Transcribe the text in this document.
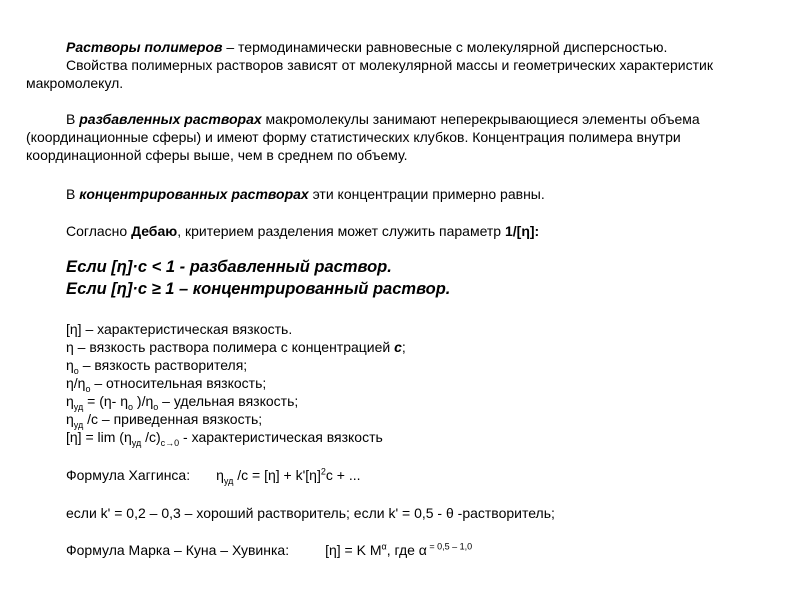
Растворы полимеров – термодинамически равновесные с молекулярной дисперсностью.

Свойства полимерных растворов зависят от молекулярной массы и геометрических характеристик макромолекул.

В разбавленных растворах макромолекулы занимают неперекрывающиеся элементы объема (координационные сферы) и имеют форму статистических клубков. Концентрация полимера внутри координационной сферы выше, чем в среднем по объему.

В концентрированных растворах эти концентрации примерно равны.

Согласно Дебаю, критерием разделения может служить параметр 1/[η]:

Если [η]·c < 1 - разбавленный раствор.

Если [η]·c ≥ 1 – концентрированный раствор.

[η] – характеристическая вязкость.

η – вязкость раствора полимера с концентрацией c;

$\eta_o$ – вязкость растворителя;

$\eta/\eta_o$ – относительная вязкость;

$\eta_{уд} = (\eta-$ $\eta_o$ )$/\eta_o$ – удельная вязкость;

$\eta_{уд}$ /c – приведенная вязкость;

$[\eta] = \lim (\eta_{уд}$ $/c)_{c\to 0}$ - характеристическая вязкость

Формула Хаггинса: $\eta_{уд}$ $/c = [\eta] + k'[\eta]^2c$ + ...

если k' = 0,2 – 0,3 – хороший растворитель; если k' = 0,5 - θ -растворитель;

Формула Марка – Куна – Хувинка:	[η] = K $M^\alpha$, где α $^{= 0,5 - 1,0}$
